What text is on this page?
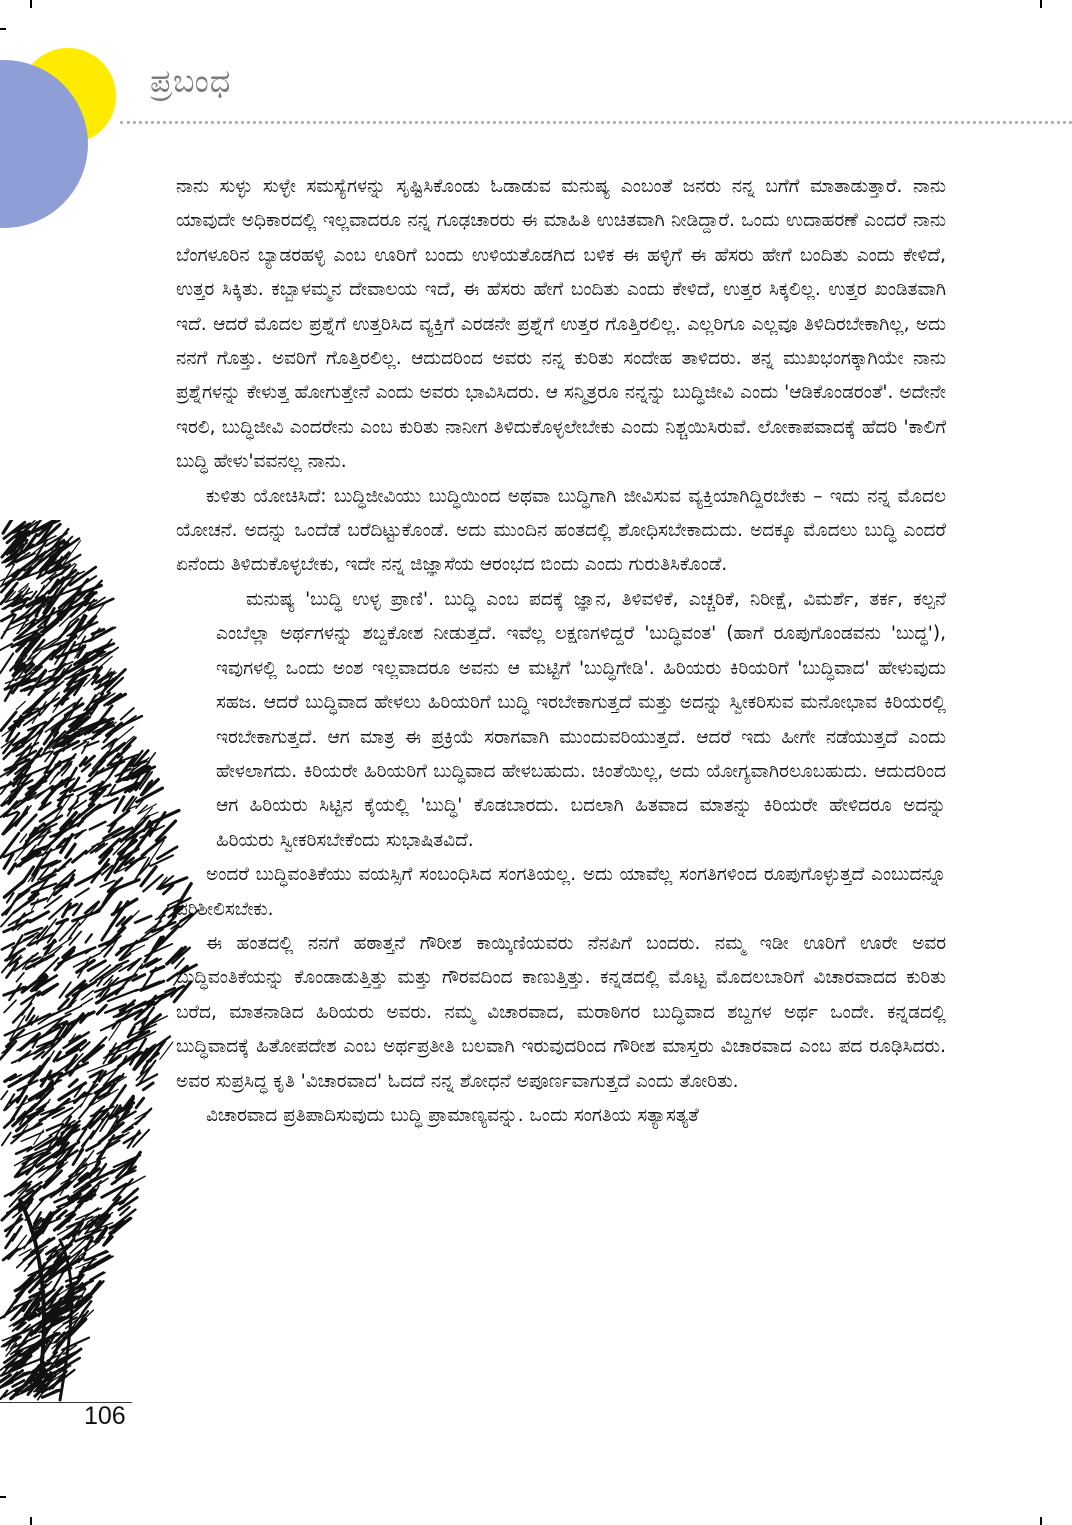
ಪ್ರಬಂಧ

ನಾನು ಸುಳ್ಳು ಸುಳ್ಳೇ ಸಮಸ್ಯೆಗಳನ್ನು ಸೃಷ್ಟಿಸಿಕೊಂಡು ಓಡಾಡುವ ಮನುಷ್ಯ ಎಂಬಂತೆ ಜನರು ನನ್ನ ಬಗೆಗೆ ಮಾತಾಡುತ್ತಾರೆ. ನಾನು ಯಾವುದೇ ಅಧಿಕಾರದಲ್ಲಿ ಇಲ್ಲವಾದರೂ ನನ್ನ ಗೂಢಚಾರರು ಈ ಮಾಹಿತಿ ಉಚಿತವಾಗಿ ನೀಡಿದ್ದಾರೆ. ಒಂದು ಉದಾಹರಣೆ ಎಂದರೆ ನಾನು ಬೆಂಗಳೂರಿನ ಬ್ಯಾಡರಹಳ್ಳಿ ಎಂಬ ಊರಿಗೆ ಬಂದು ಉಳಿಯತೊಡಗಿದ ಬಳಿಕ ಈ ಹಳ್ಳಿಗೆ ಈ ಹೆಸರು ಹೇಗೆ ಬಂದಿತು ಎಂದು ಕೇಳಿದೆ, ಉತ್ತರ ಸಿಕ್ಕಿತು. ಕಬ್ಬಾಳಮ್ಮನ ದೇವಾಲಯ ಇದೆ, ಈ ಹೆಸರು ಹೇಗೆ ಬಂದಿತು ಎಂದು ಕೇಳಿದೆ, ಉತ್ತರ ಸಿಕ್ಕಲಿಲ್ಲ. ಉತ್ತರ ಖಂಡಿತವಾಗಿ ಇದೆ. ಆದರೆ ಮೊದಲ ಪ್ರಶ್ನೆಗೆ ಉತ್ತರಿಸಿದ ವ್ಯಕ್ತಿಗೆ ಎರಡನೇ ಪ್ರಶ್ನೆಗೆ ಉತ್ತರ ಗೊತ್ತಿರಲಿಲ್ಲ. ಎಲ್ಲರಿಗೂ ಎಲ್ಲವೂ ತಿಳಿದಿರಬೇಕಾಗಿಲ್ಲ, ಅದು ನನಗೆ ಗೊತ್ತು. ಅವರಿಗೆ ಗೊತ್ತಿರಲಿಲ್ಲ. ಆದುದರಿಂದ ಅವರು ನನ್ನ ಕುರಿತು ಸಂದೇಹ ತಾಳಿದರು. ತನ್ನ ಮುಖಭಂಗಕ್ಕಾಗಿಯೇ ನಾನು ಪ್ರಶ್ನೆಗಳನ್ನು ಕೇಳುತ್ತ ಹೋಗುತ್ತೇನೆ ಎಂದು ಅವರು ಭಾವಿಸಿದರು. ಆ ಸನ್ಮಿತ್ರರೂ ನನ್ನನ್ನು ಬುದ್ಧಿಜೀವಿ ಎಂದು 'ಆಡಿಕೊಂಡರಂತೆ'. ಅದೇನೇ ಇರಲಿ, ಬುದ್ಧಿಜೀವಿ ಎಂದರೇನು ಎಂಬ ಕುರಿತು ನಾನೀಗ ತಿಳಿದುಕೊಳ್ಳಲೇಬೇಕು ಎಂದು ನಿಶ್ಚಯಿಸಿರುವೆ. ಲೋಕಾಪವಾದಕ್ಕೆ ಹೆದರಿ 'ಕಾಲಿಗೆ ಬುದ್ಧಿ ಹೇಳು'ವವನಲ್ಲ ನಾನು.

ಕುಳಿತು ಯೋಚಿಸಿದೆ: ಬುದ್ಧಿಜೀವಿಯು ಬುದ್ಧಿಯಿಂದ ಅಥವಾ ಬುದ್ಧಿಗಾಗಿ ಜೀವಿಸುವ ವ್ಯಕ್ತಿಯಾಗಿದ್ದಿರಬೇಕು – ಇದು ನನ್ನ ಮೊದಲ ಯೋಚನೆ. ಅದನ್ನು ಒಂದೆಡೆ ಬರೆದಿಟ್ಟುಕೊಂಡೆ. ಅದು ಮುಂದಿನ ಹಂತದಲ್ಲಿ ಶೋಧಿಸಬೇಕಾದುದು. ಅದಕ್ಕೂ ಮೊದಲು ಬುದ್ಧಿ ಎಂದರೆ ಏನೆಂದು ತಿಳಿದುಕೊಳ್ಳಬೇಕು, ಇದೇ ನನ್ನ ಜಿಜ್ಞಾಸೆಯ ಆರಂಭದ ಬಿಂದು ಎಂದು ಗುರುತಿಸಿಕೊಂಡೆ.

ಮನುಷ್ಯ 'ಬುದ್ಧಿ ಉಳ್ಳ ಪ್ರಾಣಿ'. ಬುದ್ಧಿ ಎಂಬ ಪದಕ್ಕೆ ಜ್ಞಾನ, ತಿಳಿವಳಿಕೆ, ಎಚ್ಚರಿಕೆ, ನಿರೀಕ್ಷೆ, ವಿಮರ್ಶೆ, ತರ್ಕ, ಕಲ್ಪನೆ ಎಂಬೆಲ್ಲಾ ಅರ್ಥಗಳನ್ನು ಶಬ್ದಕೋಶ ನೀಡುತ್ತದೆ. ಇವೆಲ್ಲ ಲಕ್ಷಣಗಳಿದ್ದರೆ 'ಬುದ್ಧಿವಂತ' (ಹಾಗೆ ರೂಪುಗೊಂಡವನು 'ಬುದ್ಧ'), ಇವುಗಳಲ್ಲಿ ಒಂದು ಅಂಶ ಇಲ್ಲವಾದರೂ ಅವನು ಆ ಮಟ್ಟಿಗೆ 'ಬುದ್ಧಿಗೇಡಿ'. ಹಿರಿಯರು ಕಿರಿಯರಿಗೆ 'ಬುದ್ಧಿವಾದ' ಹೇಳುವುದು ಸಹಜ. ಆದರೆ ಬುದ್ಧಿವಾದ ಹೇಳಲು ಹಿರಿಯರಿಗೆ ಬುದ್ಧಿ ಇರಬೇಕಾಗುತ್ತದೆ ಮತ್ತು ಅದನ್ನು ಸ್ವೀಕರಿಸುವ ಮನೋಭಾವ ಕಿರಿಯರಲ್ಲಿ ಇರಬೇಕಾಗುತ್ತದೆ. ಆಗ ಮಾತ್ರ ಈ ಪ್ರಕ್ರಿಯೆ ಸರಾಗವಾಗಿ ಮುಂದುವರಿಯುತ್ತದೆ. ಆದರೆ ಇದು ಹೀಗೇ ನಡೆಯುತ್ತದೆ ಎಂದು ಹೇಳಲಾಗದು. ಕಿರಿಯರೇ ಹಿರಿಯರಿಗೆ ಬುದ್ಧಿವಾದ ಹೇಳಬಹುದು. ಚಿಂತೆಯಿಲ್ಲ, ಅದು ಯೋಗ್ಯವಾಗಿರಲೂಬಹುದು. ಆದುದರಿಂದ ಆಗ ಹಿರಿಯರು ಸಿಟ್ಟಿನ ಕೈಯಲ್ಲಿ 'ಬುದ್ಧಿ' ಕೊಡಬಾರದು. ಬದಲಾಗಿ ಹಿತವಾದ ಮಾತನ್ನು ಕಿರಿಯರೇ ಹೇಳಿದರೂ ಅದನ್ನು ಹಿರಿಯರು ಸ್ವೀಕರಿಸಬೇಕೆಂದು ಸುಭಾಷಿತವಿದೆ.

ಅಂದರೆ ಬುದ್ಧಿವಂತಿಕೆಯು ವಯಸ್ಸಿಗೆ ಸಂಬಂಧಿಸಿದ ಸಂಗತಿಯಲ್ಲ. ಅದು ಯಾವೆಲ್ಲ ಸಂಗತಿಗಳಿಂದ ರೂಪುಗೊಳ್ಳುತ್ತದೆ ಎಂಬುದನ್ನೂ ಪರಿಶೀಲಿಸಬೇಕು.

ಈ ಹಂತದಲ್ಲಿ ನನಗೆ ಹಠಾತ್ತನೆ ಗೌರೀಶ ಕಾಯ್ಕಿಣಿಯವರು ನೆನಪಿಗೆ ಬಂದರು. ನಮ್ಮ ಇಡೀ ಊರಿಗೆ ಊರೇ ಅವರ ಬುದ್ಧಿವಂತಿಕೆಯನ್ನು ಕೊಂಡಾಡುತ್ತಿತ್ತು ಮತ್ತು ಗೌರವದಿಂದ ಕಾಣುತ್ತಿತ್ತು. ಕನ್ನಡದಲ್ಲಿ ಮೊಟ್ಟ ಮೊದಲಬಾರಿಗೆ ವಿಚಾರವಾದದ ಕುರಿತು ಬರೆದ, ಮಾತನಾಡಿದ ಹಿರಿಯರು ಅವರು. ನಮ್ಮ ವಿಚಾರವಾದ, ಮರಾಠಿಗರ ಬುದ್ಧಿವಾದ ಶಬ್ದಗಳ ಅರ್ಥ ಒಂದೇ. ಕನ್ನಡದಲ್ಲಿ ಬುದ್ಧಿವಾದಕ್ಕೆ ಹಿತೋಪದೇಶ ಎಂಬ ಅರ್ಥಪ್ರತೀತಿ ಬಲವಾಗಿ ಇರುವುದರಿಂದ ಗೌರೀಶ ಮಾಸ್ತರು ವಿಚಾರವಾದ ಎಂಬ ಪದ ರೂಢಿಸಿದರು. ಅವರ ಸುಪ್ರಸಿದ್ಧ ಕೃತಿ 'ವಿಚಾರವಾದ' ಓದದೆ ನನ್ನ ಶೋಧನೆ ಅಪೂರ್ಣವಾಗುತ್ತದೆ ಎಂದು ತೋರಿತು.

ವಿಚಾರವಾದ ಪ್ರತಿಪಾದಿಸುವುದು ಬುದ್ಧಿ ಪ್ರಾಮಾಣ್ಯವನ್ನು. ಒಂದು ಸಂಗತಿಯ ಸತ್ಯಾಸತ್ಯತೆ

106
